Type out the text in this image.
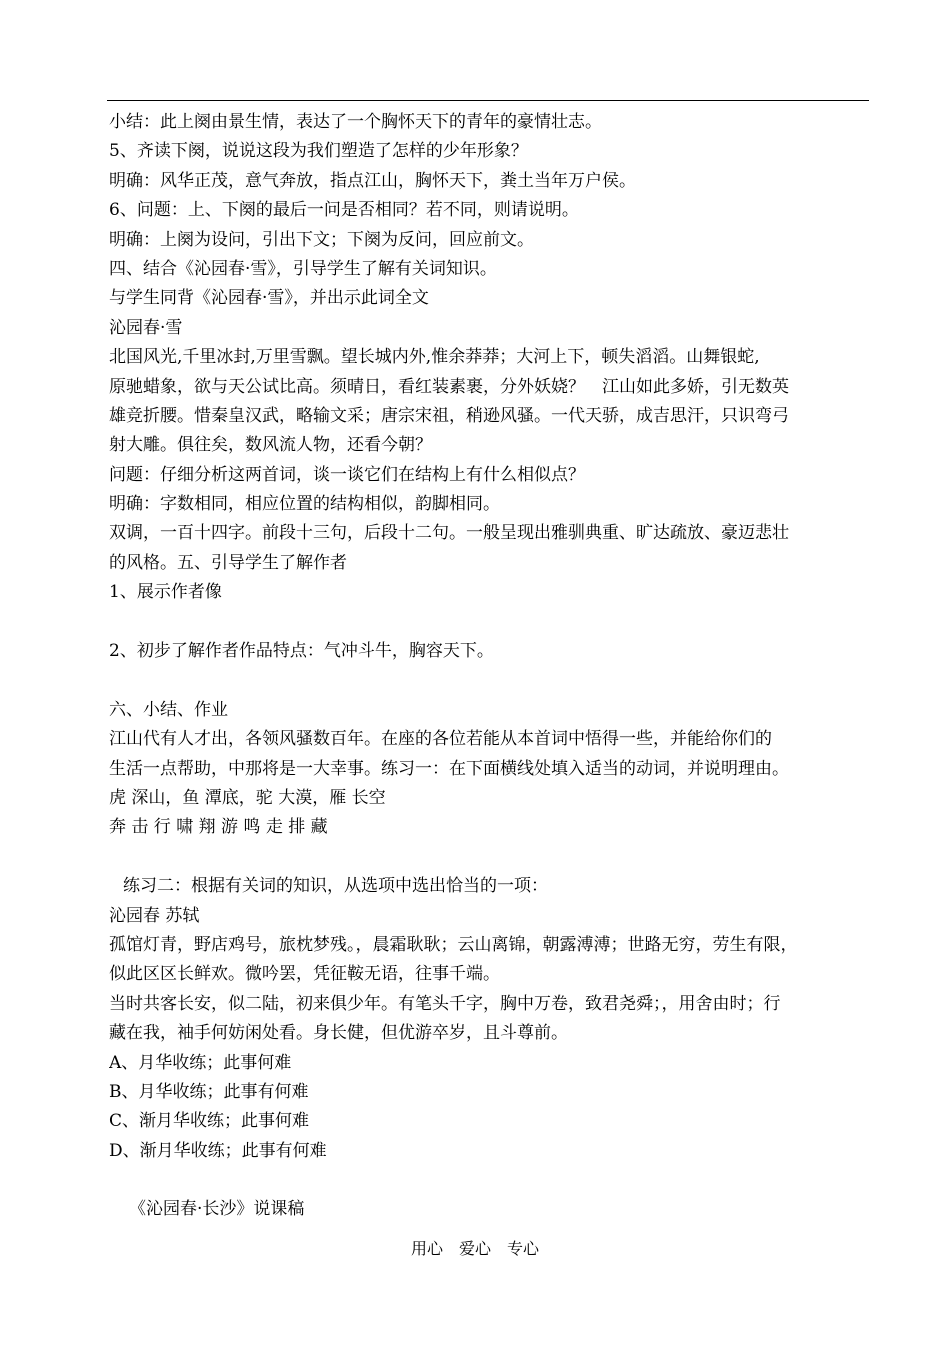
小结：此上阕由景生情，表达了一个胸怀天下的青年的豪情壮志。
5、齐读下阕，说说这段为我们塑造了怎样的少年形象？
明确：风华正茂，意气奔放，指点江山，胸怀天下，粪土当年万户侯。
6、问题：上、下阕的最后一问是否相同？若不同，则请说明。
明确：上阕为设问，引出下文；下阕为反问，回应前文。
四、结合《沁园春·雪》，引导学生了解有关词知识。
与学生同背《沁园春·雪》，并出示此词全文
沁园春·雪
北国风光,千里冰封,万里雪飘。望长城内外,惟余莽莽；大河上下，顿失滔滔。山舞银蛇,
原驰蜡象，欲与天公试比高。须晴日，看红装素裹，分外妖娆？　江山如此多娇，引无数英
雄竞折腰。惜秦皇汉武，略输文采；唐宗宋祖，稍逊风骚。一代天骄，成吉思汗，只识弯弓
射大雕。俱往矣，数风流人物，还看今朝？
问题：仔细分析这两首词，谈一谈它们在结构上有什么相似点？
明确：字数相同，相应位置的结构相似，韵脚相同。
双调，一百十四字。前段十三句，后段十二句。一般呈现出雅驯典重、旷达疏放、豪迈悲壮
的风格。五、引导学生了解作者
1、展示作者像
2、初步了解作者作品特点：气冲斗牛，胸容天下。
六、小结、作业
江山代有人才出，各领风骚数百年。在座的各位若能从本首词中悟得一些，并能给你们的
生活一点帮助，中那将是一大幸事。练习一：在下面横线处填入适当的动词，并说明理由。
虎 深山，鱼 潭底，驼 大漠，雁 长空
奔 击 行 啸 翔 游 鸣 走 排 藏
练习二：根据有关词的知识，从选项中选出恰当的一项：
沁园春 苏轼
孤馆灯青，野店鸡号，旅枕梦残。，晨霜耿耿；云山离锦，朝露溥溥；世路无穷，劳生有限，
似此区区长鲜欢。微吟罢，凭征鞍无语，往事千端。
当时共客长安，似二陆，初来俱少年。有笔头千字，胸中万卷，致君尧舜；，用舍由时；行
藏在我，袖手何妨闲处看。身长健，但优游卒岁，且斗尊前。
A、月华收练；此事何难
B、月华收练；此事有何难
C、渐月华收练；此事何难
D、渐月华收练；此事有何难
《沁园春·长沙》说课稿
用心　爱心　专心
